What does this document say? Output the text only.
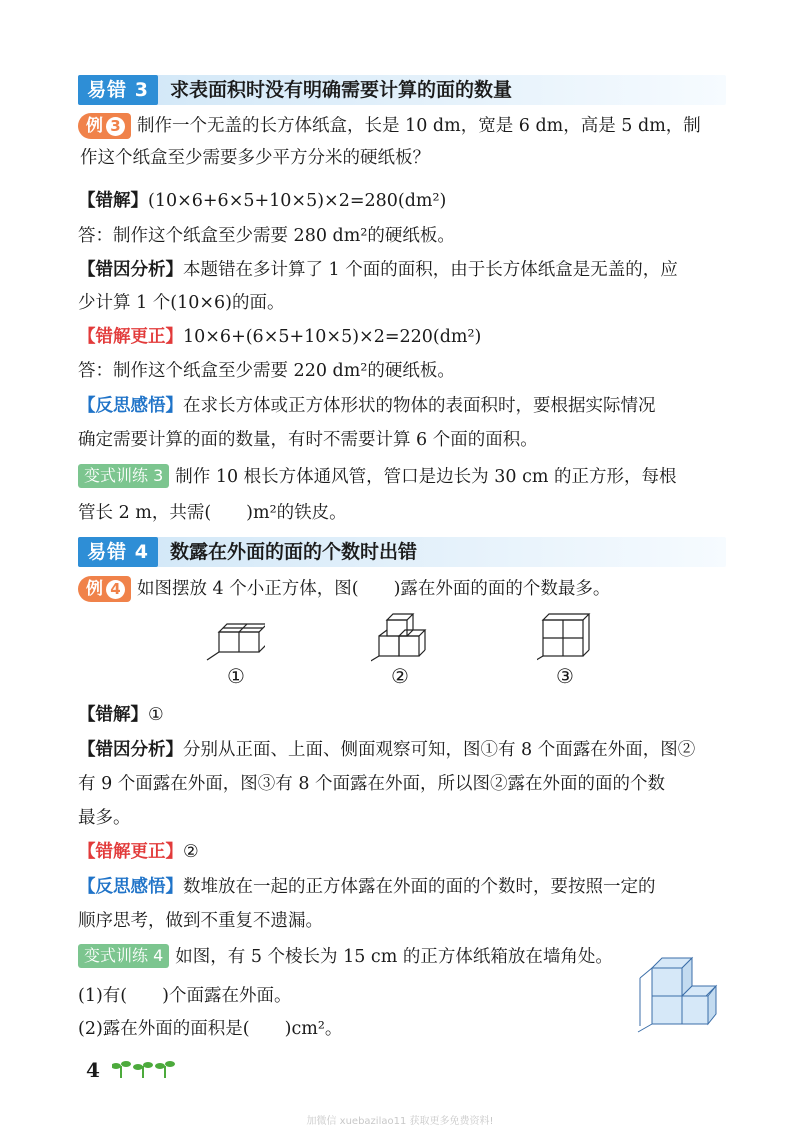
易错 3	求表面积时没有明确需要计算的面的数量
例 3 制作一个无盖的长方体纸盒，长是 10 dm，宽是 6 dm，高是 5 dm，制
作这个纸盒至少需要多少平方分米的硬纸板？
【错解】(10×6+6×5+10×5)×2=280(dm²)
答：制作这个纸盒至少需要 280 dm²的硬纸板。
【错因分析】本题错在多计算了 1 个面的面积，由于长方体纸盒是无盖的，应
少计算 1 个(10×6)的面。
【错解更正】10×6+(6×5+10×5)×2=220(dm²)
答：制作这个纸盒至少需要 220 dm²的硬纸板。
【反思感悟】在求长方体或正方体形状的物体的表面积时，要根据实际情况
确定需要计算的面的数量，有时不需要计算 6 个面的面积。
变式训练 3 制作 10 根长方体通风管，管口是边长为 30 cm 的正方形，每根
管长 2 m，共需(　　)m²的铁皮。
易错 4	数露在外面的面的个数时出错
例 4 如图摆放 4 个小正方体，图(　　)露在外面的面的个数最多。
①	②	③
【错解】①
【错因分析】分别从正面、上面、侧面观察可知，图①有 8 个面露在外面，图②
有 9 个面露在外面，图③有 8 个面露在外面，所以图②露在外面的面的个数
最多。
【错解更正】②
【反思感悟】数堆放在一起的正方体露在外面的面的个数时，要按照一定的
顺序思考，做到不重复不遗漏。
变式训练 4 如图，有 5 个棱长为 15 cm 的正方体纸箱放在墙角处。
(1)有(　　)个面露在外面。
(2)露在外面的面积是(　　)cm²。
4
加微信 xuebazilao11 获取更多免费资料!
